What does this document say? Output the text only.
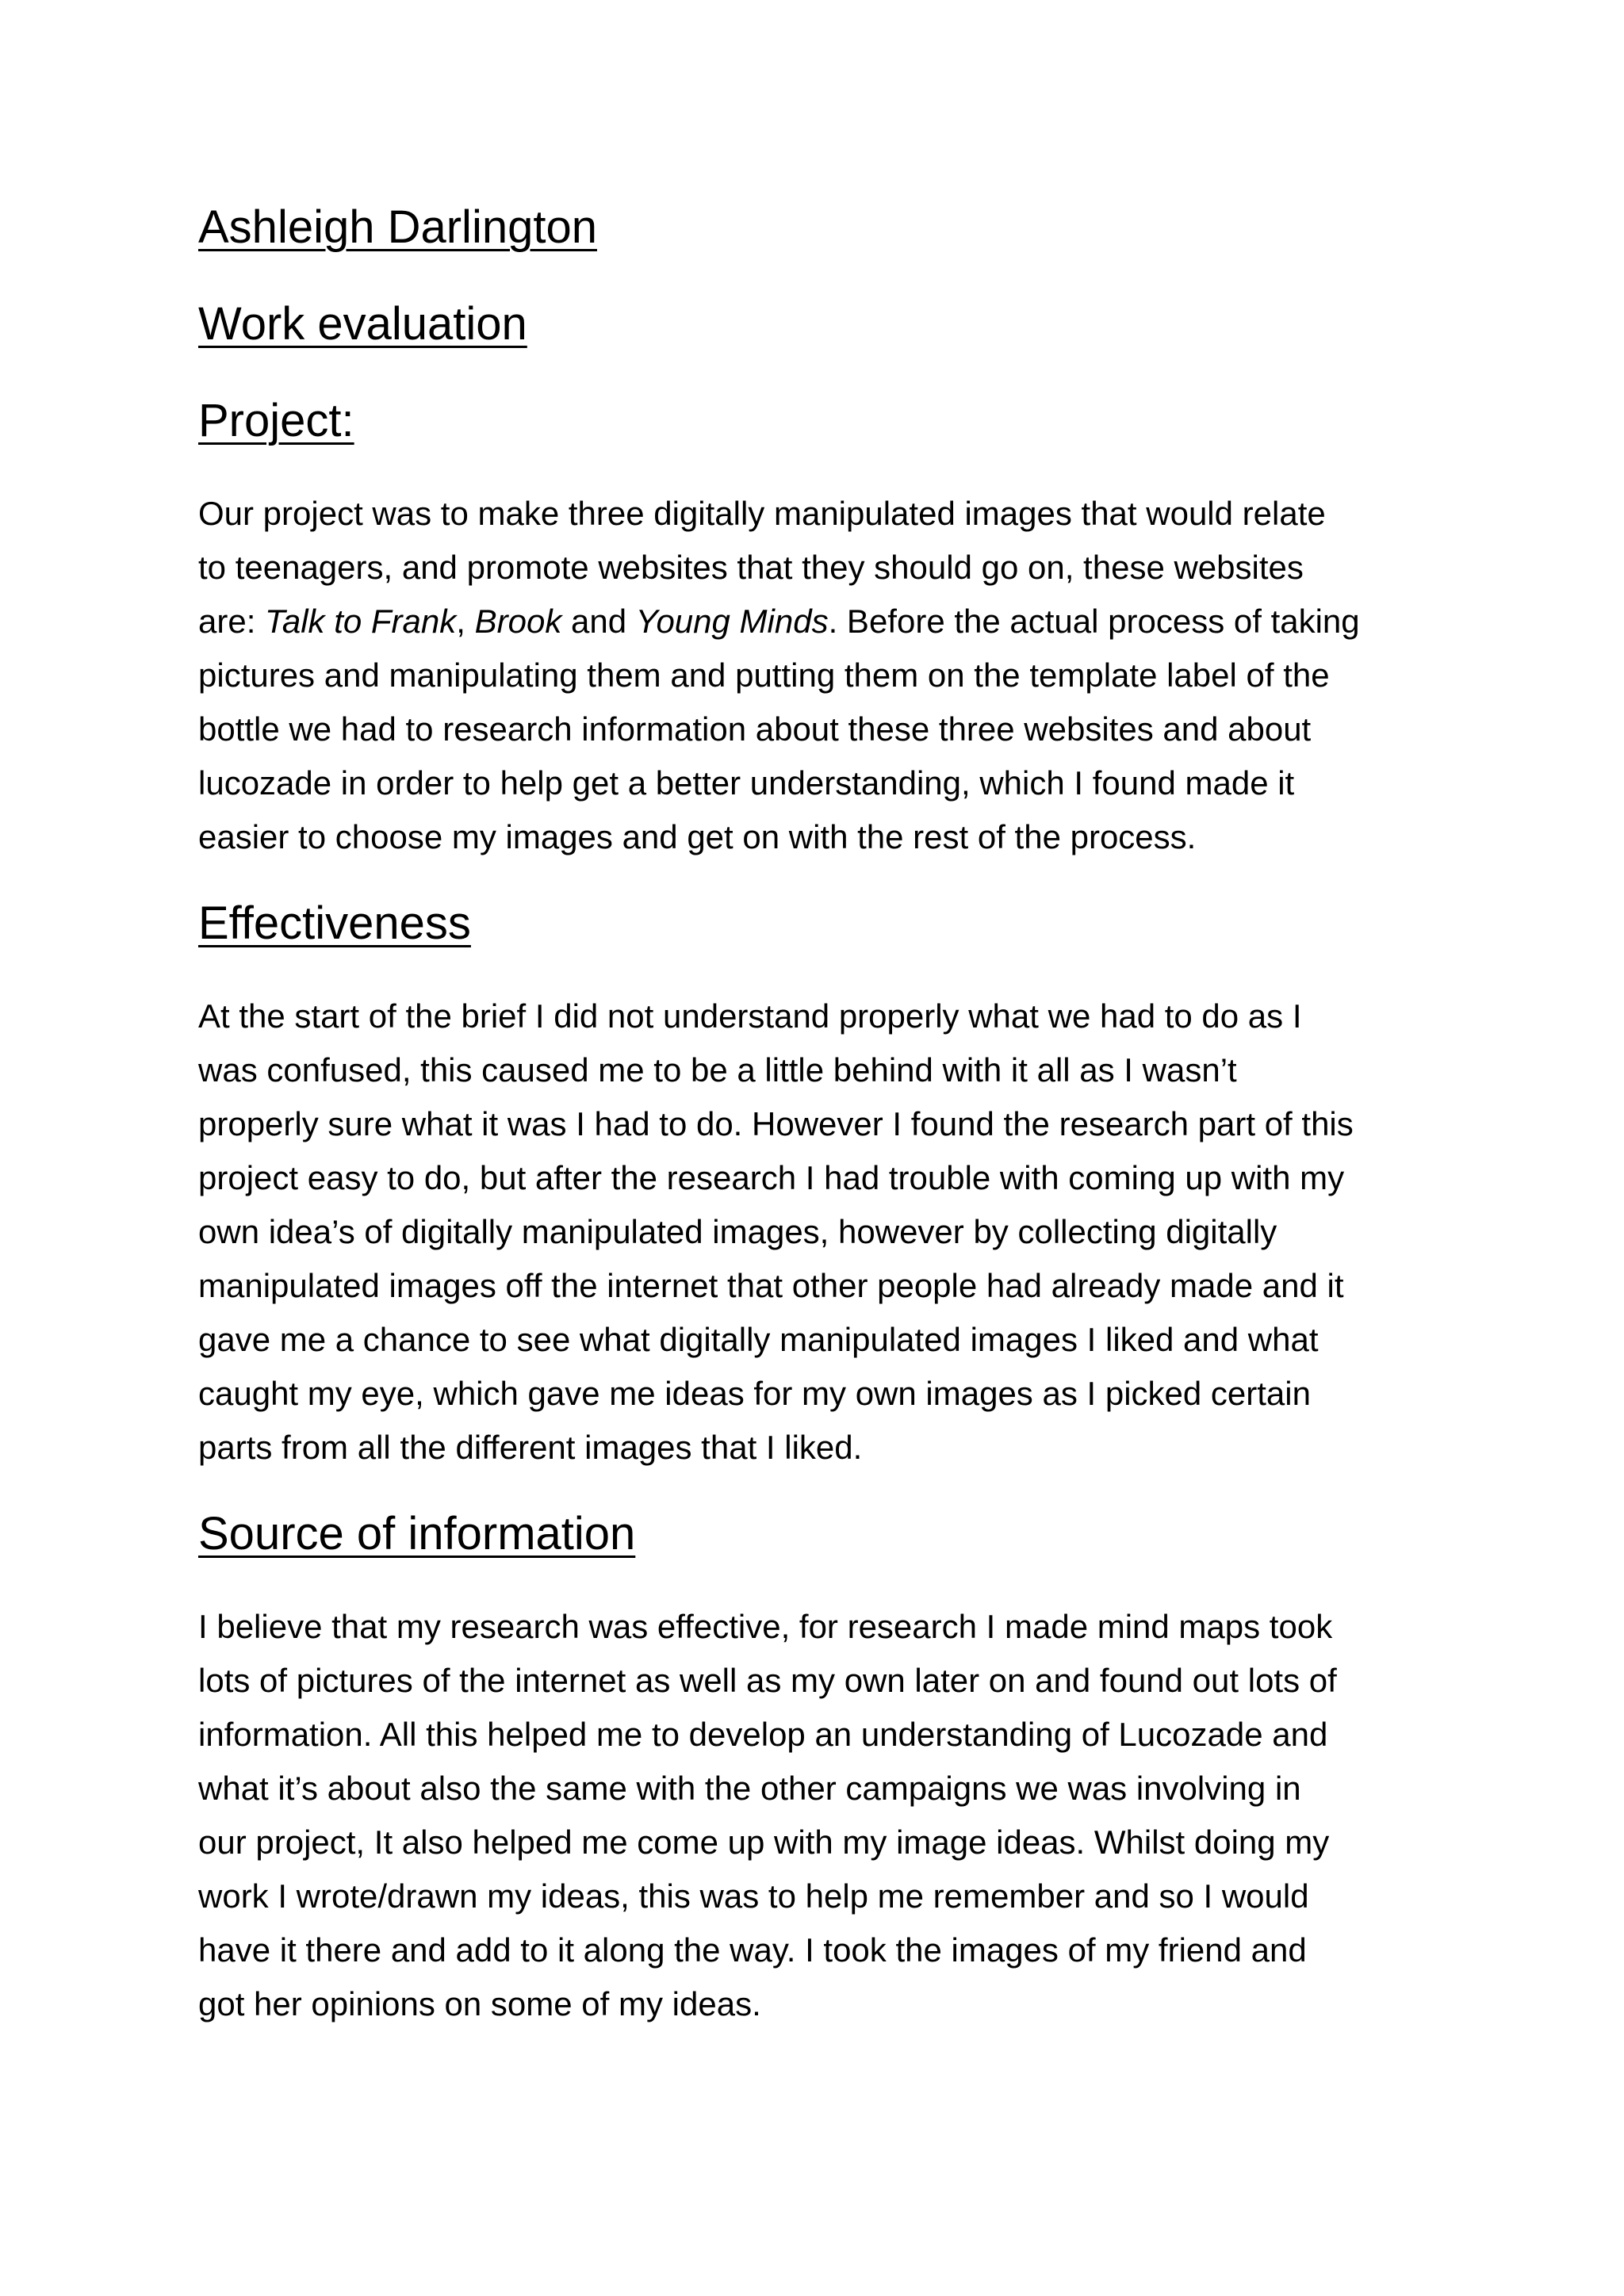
Ashleigh Darlington
Work evaluation
Project:
Our project was to make three digitally manipulated images that would relate
to teenagers, and promote websites that they should go on, these websites
are: Talk to Frank, Brook and Young Minds. Before the actual process of taking
pictures and manipulating them and putting them on the template label of the
bottle we had to research information about these three websites and about
lucozade in order to help get a better understanding, which I found made it
easier to choose my images and get on with the rest of the process.
Effectiveness
At the start of the brief I did not understand properly what we had to do as I
was confused, this caused me to be a little behind with it all as I wasn’t
properly sure what it was I had to do. However I found the research part of this
project easy to do, but after the research I had trouble with coming up with my
own idea’s of digitally manipulated images, however by collecting digitally
manipulated images off the internet that other people had already made and it
gave me a chance to see what digitally manipulated images I liked and what
caught my eye, which gave me ideas for my own images as I picked certain
parts from all the different images that I liked.
Source of information
I believe that my research was effective, for research I made mind maps took
lots of pictures of the internet as well as my own later on and found out lots of
information. All this helped me to develop an understanding of Lucozade and
what it’s about also the same with the other campaigns we was involving in
our project, It also helped me come up with my image ideas. Whilst doing my
work I wrote/drawn my ideas, this was to help me remember and so I would
have it there and add to it along the way. I took the images of my friend and
got her opinions on some of my ideas.
